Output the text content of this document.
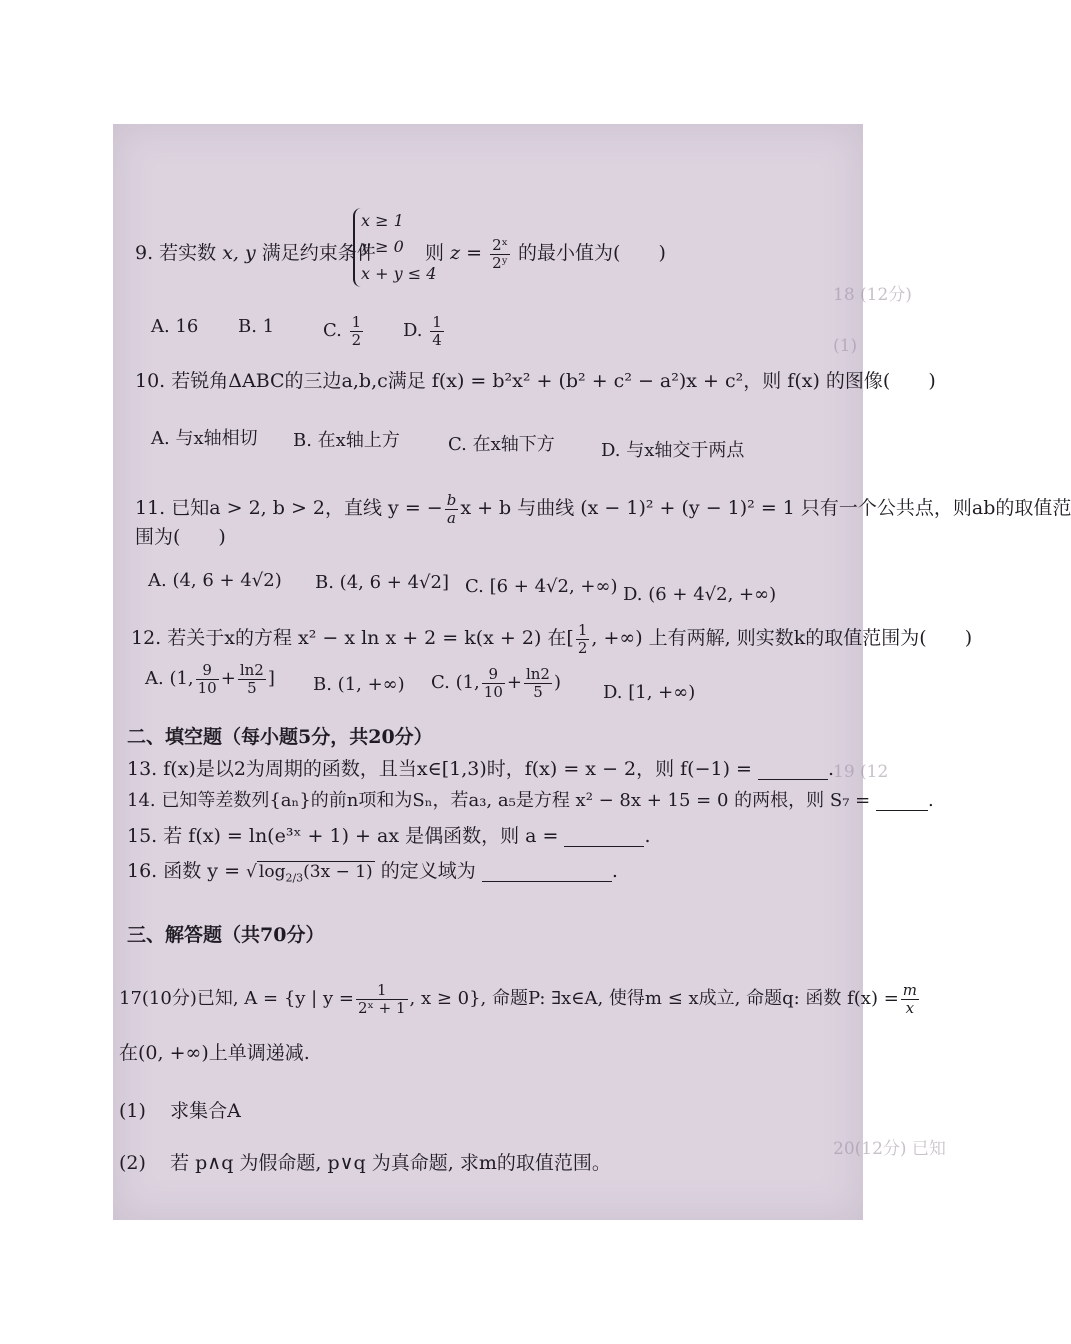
18 (12分)
(1)
19 (12
20(12分) 已知
9. 若实数 x, y 满足约束条件
x ≥ 1
y ≥ 0
x + y ≤ 4
则 $z = \frac{\text{2ˣ}}{\text{2ʸ}}$ 的最小值为(　　)
A. 16 B. 1	C. $\frac{1}{2} D$. $\frac{1}{4}$
10. 若锐角ΔABC的三边a,b,c满足 f(x) = b²x² + (b² + c² − a²)x + c²，则 f(x) 的图像(　　)
A. 与x轴相切 B. 在x轴上方	C. 在x轴下方	D. 与x轴交于两点
11. 已知a > 2, b > 2，直线 y = − $\frac{b}{a}$ x + b 与曲线 (x − 1)² + (y − 1)² = 1 只有一个公共点，则ab的取值范
围为(　　)
A. (4, 6 + 4√2) B. (4, 6 + 4√2] C. [6 + 4√2, +∞) D. (6 + 4√2, +∞)
12. 若关于x的方程 x² − x ln x + 2 = k(x + 2) 在[ $\frac{1}{2}$ , +∞) 上有两解, 则实数k的取值范围为(　　)
A. (1, $\frac{9}{10} + \frac{\ln 2}{5}$ ] B. (1, +∞) C. (1, $\frac{9}{10} + \frac{\ln 2}{5}$ ) D. [1, +∞)
二、填空题（每小题5分，共20分）
13. f(x)是以2为周期的函数，且当x∈[1,3)时，f(x) = x − 2，则 f(−1) =	.
14. 已知等差数列{aₙ}的前n项和为Sₙ，若a₃, a₅是方程 x² − 8x + 15 = 0 的两根，则 S₇ =	.
15. 若 f(x) = ln(e³ˣ + 1) + ax 是偶函数，则 a =	.
16. 函数 y = √ $\log_{2/3}(3x - 1)$ 的定义域为	.
三、解答题（共70分）
17(10分)已知, A = {y | $y = \frac{1}{\text{2ˣ + 1}}$ , x ≥ 0}, 命题P: ∃x∈A, 使得m ≤ x成立, 命题q: 函数 $f(x) = \frac{m}{x}$
在(0, +∞)上单调递减.
(1) 求集合A
(2) 若 p∧q 为假命题, p∨q 为真命题, 求m的取值范围。
